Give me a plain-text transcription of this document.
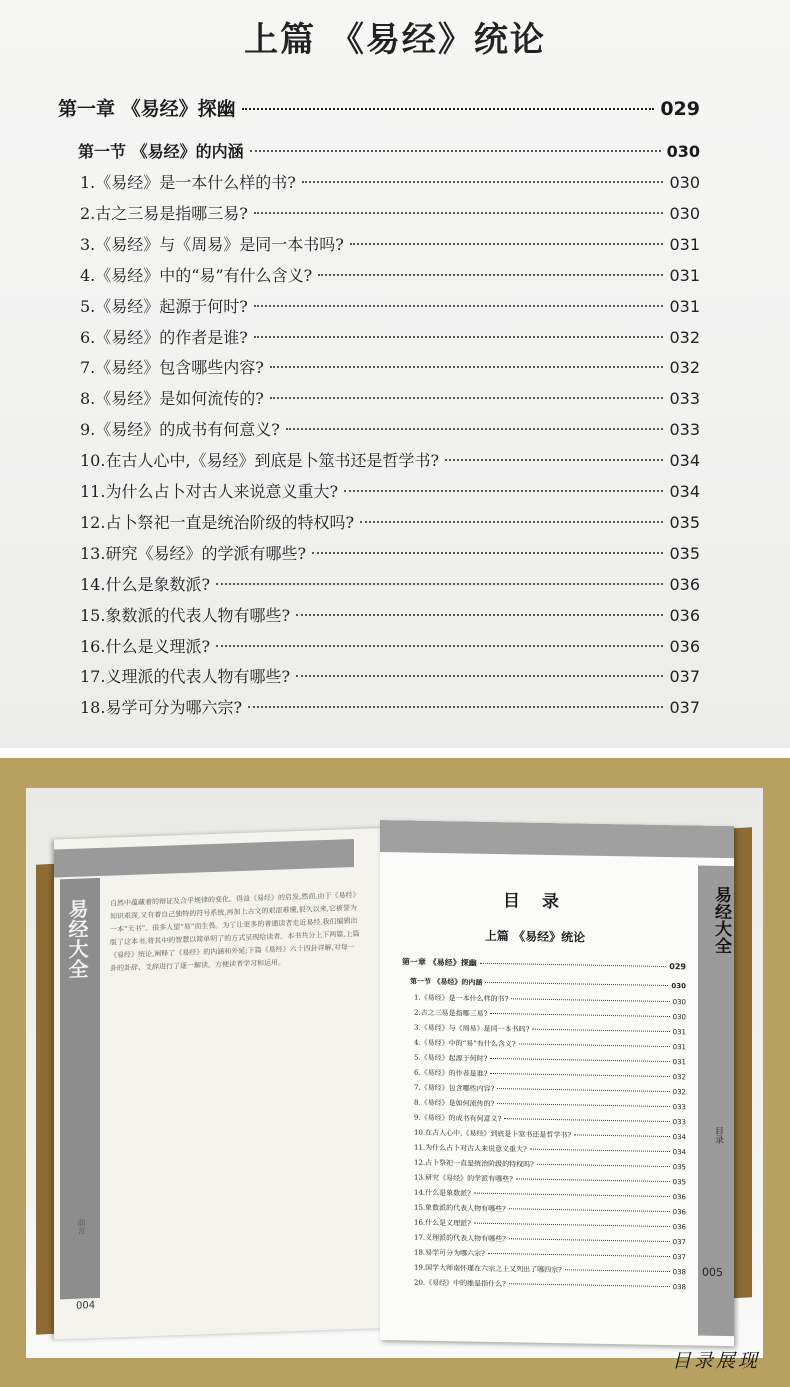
上篇 《易经》统论
第一章 《易经》探幽	029
第一节 《易经》的内涵	030
1.《易经》是一本什么样的书?	030
2.古之三易是指哪三易?	030
3.《易经》与《周易》是同一本书吗?	031
4.《易经》中的“易”有什么含义?	031
5.《易经》起源于何时?	031
6.《易经》的作者是谁?	032
7.《易经》包含哪些内容?	032
8.《易经》是如何流传的?	033
9.《易经》的成书有何意义?	033
10.在古人心中,《易经》到底是卜筮书还是哲学书?	034
11.为什么占卜对古人来说意义重大?	034
12.占卜祭祀一直是统治阶级的特权吗?	035
13.研究《易经》的学派有哪些?	035
14.什么是象数派?	036
15.象数派的代表人物有哪些?	036
16.什么是义理派?	036
17.义理派的代表人物有哪些?	037
18.易学可分为哪六宗?	037
易经大全	自然中蕴藏着的辩证及合乎规律的变化。得益《易经》的启发,然而,由于《易经》知识艰深,又有着自己独特的符号系统,再加上古文的艰涩难懂,很久以来,它被誉为一本“天书”。很多人望“易”而生畏。为了让更多的普通读者走近易经,我们编辑出版了这本书,将其中的智慧以简单明了的方式呈现给读者。本书共分上下两篇,上篇《易经》统论,阐释了《易经》的内涵和外延;下篇《易经》六十四卦详解,对每一卦的卦辞、爻辞进行了逐一解读。方便读者学习和运用。
前言
004
易经大全
目录
005
目 录
上篇 《易经》统论
第一章 《易经》探幽	029
第一节 《易经》的内涵	030
1.《易经》是一本什么样的书?	030
2.古之三易是指哪三易?	030
3.《易经》与《周易》是同一本书吗?	031
4.《易经》中的“易”有什么含义?	031
5.《易经》起源于何时?	031
6.《易经》的作者是谁?	032
7.《易经》包含哪些内容?	032
8.《易经》是如何流传的?	033
9.《易经》的成书有何意义?	033
10.在古人心中,《易经》到底是卜筮书还是哲学书?	034
11.为什么占卜对古人来说意义重大?	034
12.占卜祭祀一直是统治阶级的特权吗?	035
13.研究《易经》的学派有哪些?	035
14.什么是象数派?	036
15.象数派的代表人物有哪些?	036
16.什么是义理派?	036
17.义理派的代表人物有哪些?	037
18.易学可分为哪六宗?	037
19.国学大师南怀瑾在六宗之上又列出了哪四宗?	038
20.《易经》中的维是指什么?	038
目录展现
